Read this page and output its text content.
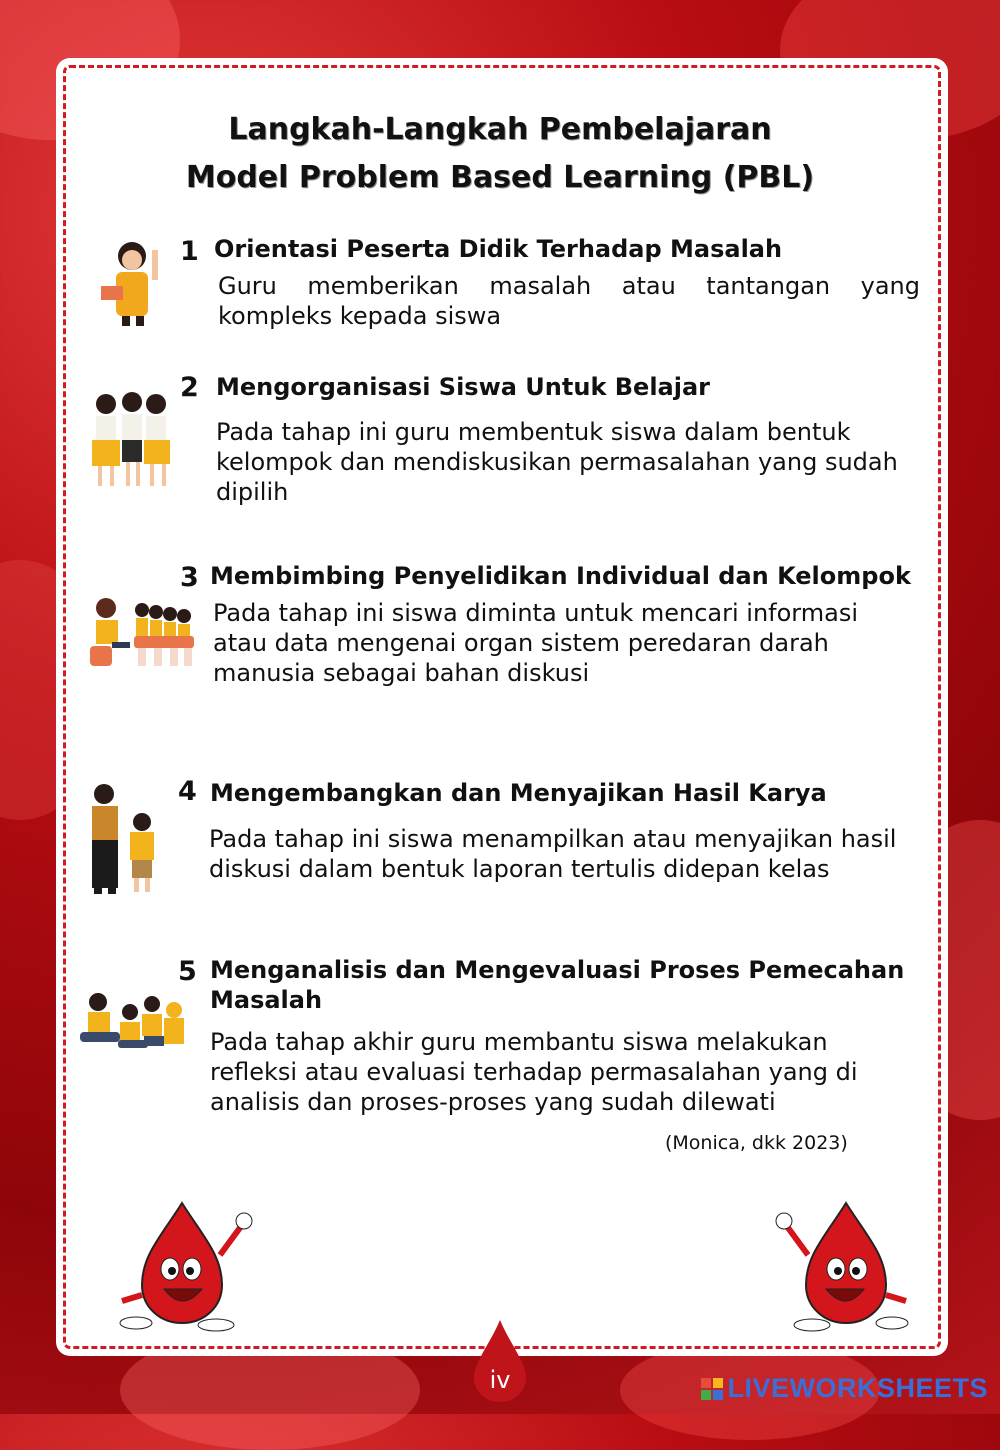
Langkah-Langkah Pembelajaran
Model Problem Based Learning (PBL)
1 Orientasi Peserta Didik Terhadap Masalah
Guru memberikan masalah atau tantangan yang kompleks kepada siswa
2 Mengorganisasi Siswa Untuk Belajar
Pada tahap ini guru membentuk siswa dalam bentuk kelompok dan mendiskusikan permasalahan yang sudah dipilih
3 Membimbing Penyelidikan Individual dan Kelompok
Pada tahap ini siswa diminta untuk mencari informasi atau data mengenai organ sistem peredaran darah manusia sebagai bahan diskusi
4 Mengembangkan dan Menyajikan Hasil Karya
Pada tahap ini siswa menampilkan atau menyajikan hasil diskusi dalam bentuk laporan tertulis didepan kelas
5 Menganalisis dan Mengevaluasi Proses Pemecahan Masalah
Pada tahap akhir guru membantu siswa melakukan refleksi atau evaluasi terhadap permasalahan yang di analisis dan proses-proses yang sudah dilewati
(Monica, dkk 2023)
iv	LIVEWORKSHEETS
